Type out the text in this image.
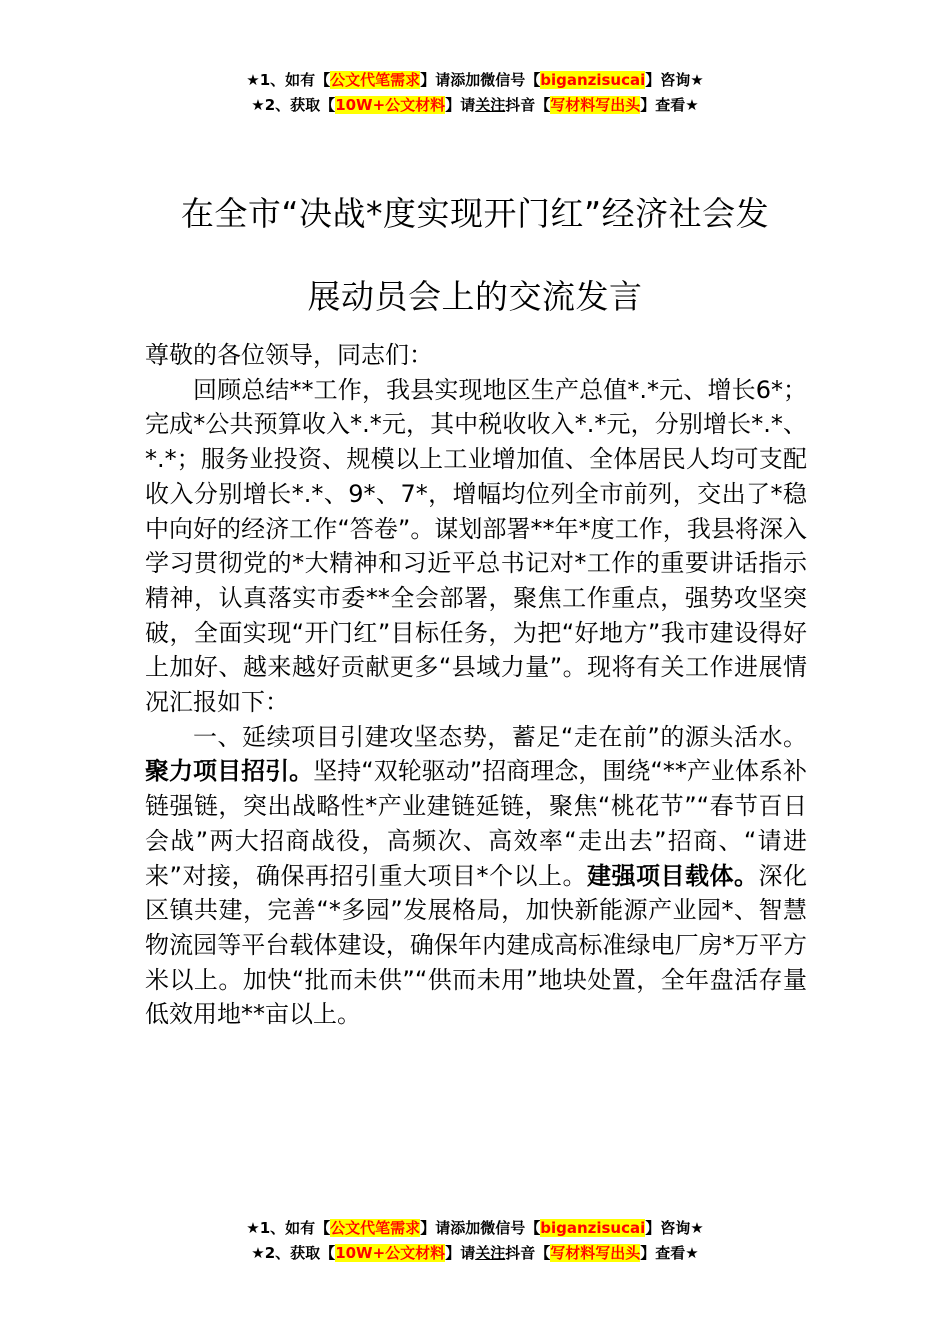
★1、如有【公文代笔需求】请添加微信号【biganzisucai】咨询★
★2、获取【10W+公文材料】请关注抖音【写材料写出头】查看★
在全市“决战*度实现开门红”经济社会发
展动员会上的交流发言

尊敬的各位领导，同志们：

回顾总结**工作，我县实现地区生产总值*.*元、增长6*；完成*公共预算收入*.*元，其中税收收入*.*元，分别增长*.*、*.*；服务业投资、规模以上工业增加值、全体居民人均可支配收入分别增长*.*、9*、7*，增幅均位列全市前列，交出了*稳中向好的经济工作“答卷”。谋划部署**年*度工作，我县将深入学习贯彻党的*大精神和习近平总书记对*工作的重要讲话指示精神，认真落实市委**全会部署，聚焦工作重点，强势攻坚突破，全面实现“开门红”目标任务，为把“好地方”我市建设得好上加好、越来越好贡献更多“县域力量”。现将有关工作进展情况汇报如下：

一、延续项目引建攻坚态势，蓄足“走在前”的源头活水。聚力项目招引。坚持“双轮驱动”招商理念，围绕“**产业体系补链强链，突出战略性*产业建链延链，聚焦“桃花节”“春节百日会战”两大招商战役，高频次、高效率“走出去”招商、“请进来”对接，确保再招引重大项目*个以上。建强项目载体。深化区镇共建，完善“*多园”发展格局，加快新能源产业园*、智慧物流园等平台载体建设，确保年内建成高标准绿电厂房*万平方米以上。加快“批而未供”“供而未用”地块处置，全年盘活存量低效用地**亩以上。

★1、如有【公文代笔需求】请添加微信号【biganzisucai】咨询★
★2、获取【10W+公文材料】请关注抖音【写材料写出头】查看★
